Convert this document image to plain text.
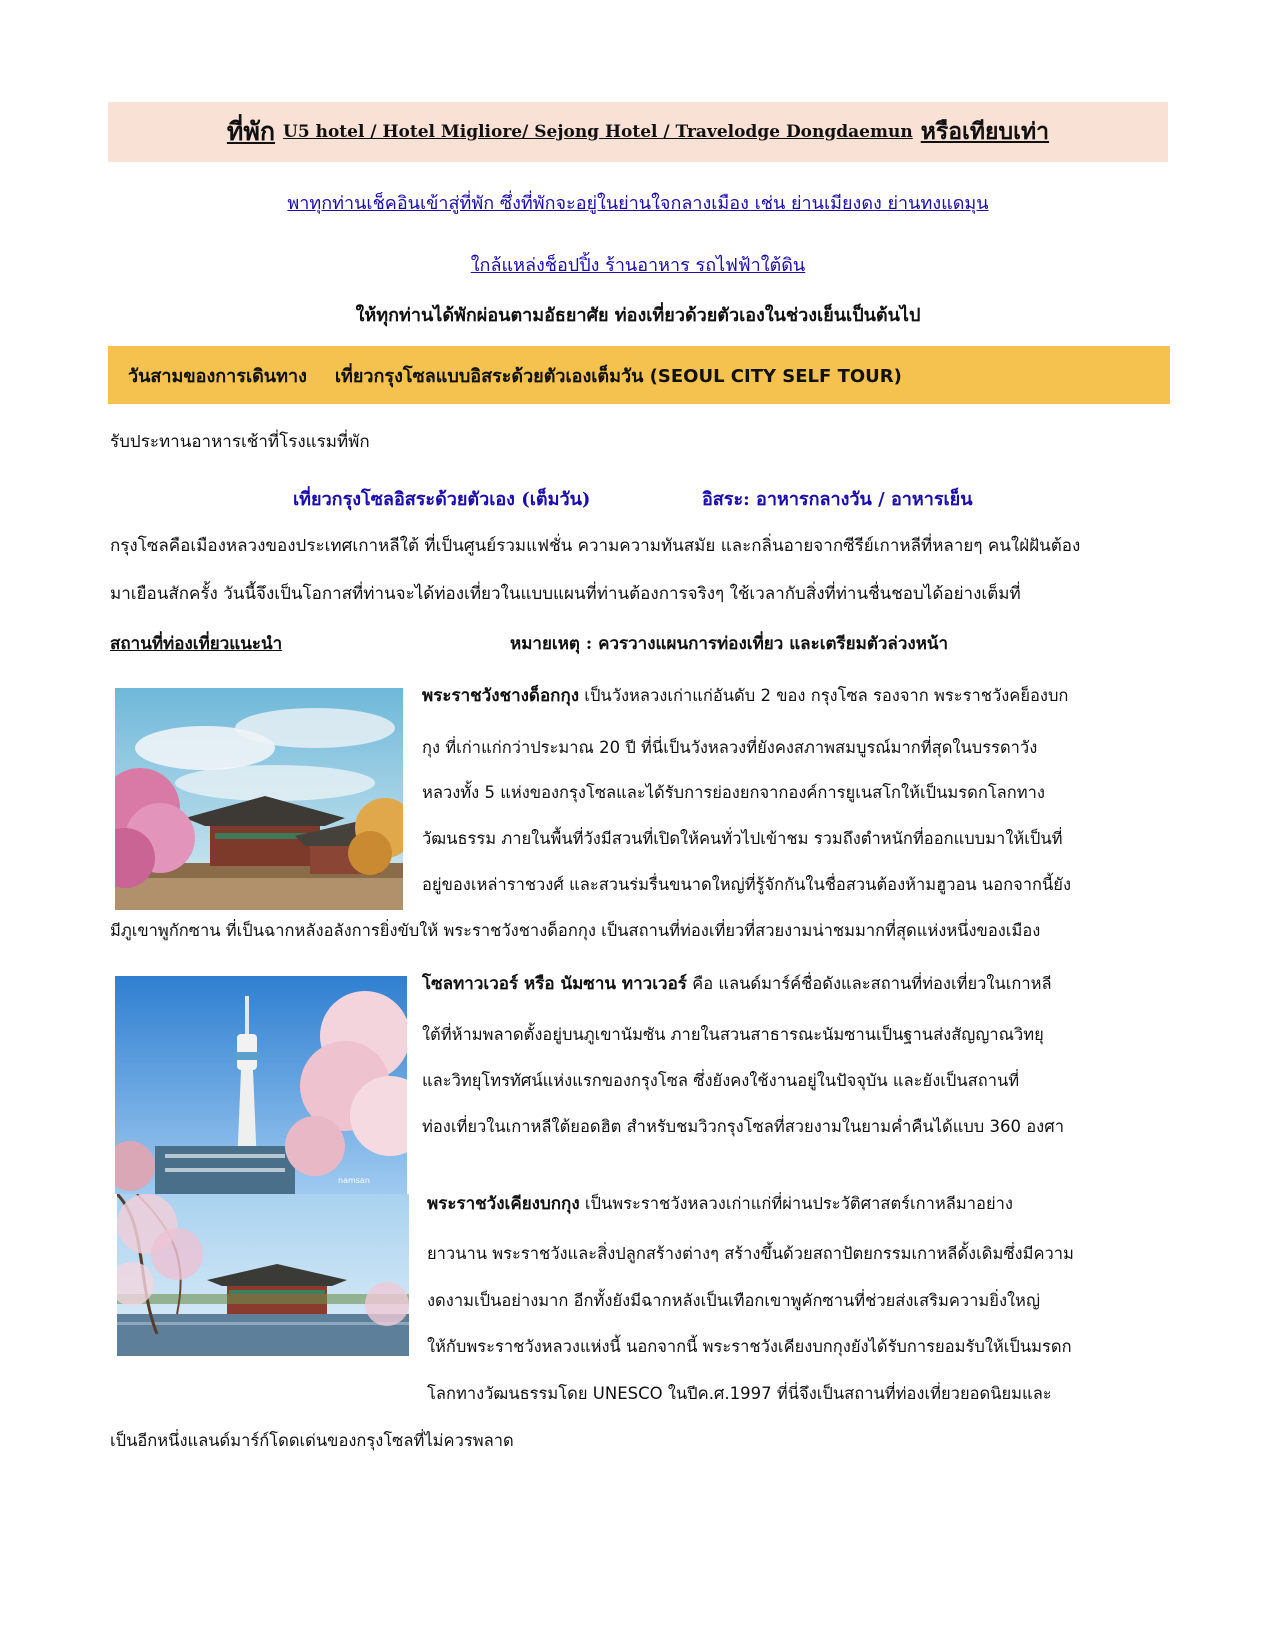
ที่พัก U5 hotel / Hotel Migliore/ Sejong Hotel / Travelodge Dongdaemun หรือเทียบเท่า
พาทุกท่านเช็คอินเข้าสู่ที่พัก ซึ่งที่พักจะอยู่ในย่านใจกลางเมือง เช่น ย่านเมียงดง ย่านทงแดมุน
ใกล้แหล่งช็อปปิ้ง ร้านอาหาร รถไฟฟ้าใต้ดิน
ให้ทุกท่านได้พักผ่อนตามอัธยาศัย ท่องเที่ยวด้วยตัวเองในช่วงเย็นเป็นต้นไป
วันสามของการเดินทาง เที่ยวกรุงโซลแบบอิสระด้วยตัวเองเต็มวัน (SEOUL CITY SELF TOUR)
รับประทานอาหารเช้าที่โรงแรมที่พัก
เที่ยวกรุงโซลอิสระด้วยตัวเอง (เต็มวัน)	อิสระ: อาหารกลางวัน / อาหารเย็น
กรุงโซลคือเมืองหลวงของประเทศเกาหลีใต้ ที่เป็นศูนย์รวมแฟชั่น ความความทันสมัย และกลิ่นอายจากซีรีย์เกาหลีที่หลายๆ คนใฝ่ฝันต้อง
มาเยือนสักครั้ง วันนี้จึงเป็นโอกาสที่ท่านจะได้ท่องเที่ยวในแบบแผนที่ท่านต้องการจริงๆ ใช้เวลากับสิ่งที่ท่านชื่นชอบได้อย่างเต็มที่
สถานที่ท่องเที่ยวแนะนำ	หมายเหตุ : ควรวางแผนการท่องเที่ยว และเตรียมตัวล่วงหน้า
พระราชวังชางด็อกกุง เป็นวังหลวงเก่าแก่อันดับ 2 ของ กรุงโซล รองจาก พระราชวังคย็องบก
กุง ที่เก่าแก่กว่าประมาณ 20 ปี ที่นี่เป็นวังหลวงที่ยังคงสภาพสมบูรณ์มากที่สุดในบรรดาวัง
หลวงทั้ง 5 แห่งของกรุงโซลและได้รับการย่องยกจากองค์การยูเนสโกให้เป็นมรดกโลกทาง
วัฒนธรรม ภายในพื้นที่วังมีสวนที่เปิดให้คนทั่วไปเข้าชม รวมถึงตำหนักที่ออกแบบมาให้เป็นที่
อยู่ของเหล่าราชวงศ์ และสวนร่มรื่นขนาดใหญ่ที่รู้จักกันในชื่อสวนต้องห้ามฮูวอน นอกจากนี้ยัง
มีภูเขาพูกักซาน ที่เป็นฉากหลังอลังการยิ่งขับให้ พระราชวังชางด็อกกุง เป็นสถานที่ท่องเที่ยวที่สวยงามน่าชมมากที่สุดแห่งหนึ่งของเมือง
โซลทาวเวอร์ หรือ นัมซาน ทาวเวอร์ คือ แลนด์มาร์ค์ชื่อดังและสถานที่ท่องเที่ยวในเกาหลี
ใต้ที่ห้ามพลาดตั้งอยู่บนภูเขานัมซัน ภายในสวนสาธารณะนัมซานเป็นฐานส่งสัญญาณวิทยุ
และวิทยุโทรทัศน์แห่งแรกของกรุงโซล ซึ่งยังคงใช้งานอยู่ในปัจจุบัน และยังเป็นสถานที่
ท่องเที่ยวในเกาหลีใต้ยอดฮิต สำหรับชมวิวกรุงโซลที่สวยงามในยามค่ำคืนได้แบบ 360 องศา
พระราชวังเคียงบกกุง เป็นพระราชวังหลวงเก่าแก่ที่ผ่านประวัติศาสตร์เกาหลีมาอย่าง
ยาวนาน พระราชวังและสิ่งปลูกสร้างต่างๆ สร้างขึ้นด้วยสถาปัตยกรรมเกาหลีดั้งเดิมซึ่งมีความ
งดงามเป็นอย่างมาก อีกทั้งยังมีฉากหลังเป็นเทือกเขาพูคักซานที่ช่วยส่งเสริมความยิ่งใหญ่
ให้กับพระราชวังหลวงแห่งนี้ นอกจากนี้ พระราชวังเคียงบกกุงยังได้รับการยอมรับให้เป็นมรดก
โลกทางวัฒนธรรมโดย UNESCO ในปีค.ศ.1997 ที่นี่จึงเป็นสถานที่ท่องเที่ยวยอดนิยมและ
เป็นอีกหนึ่งแลนด์มาร์ก์โดดเด่นของกรุงโซลที่ไม่ควรพลาด
namsan
